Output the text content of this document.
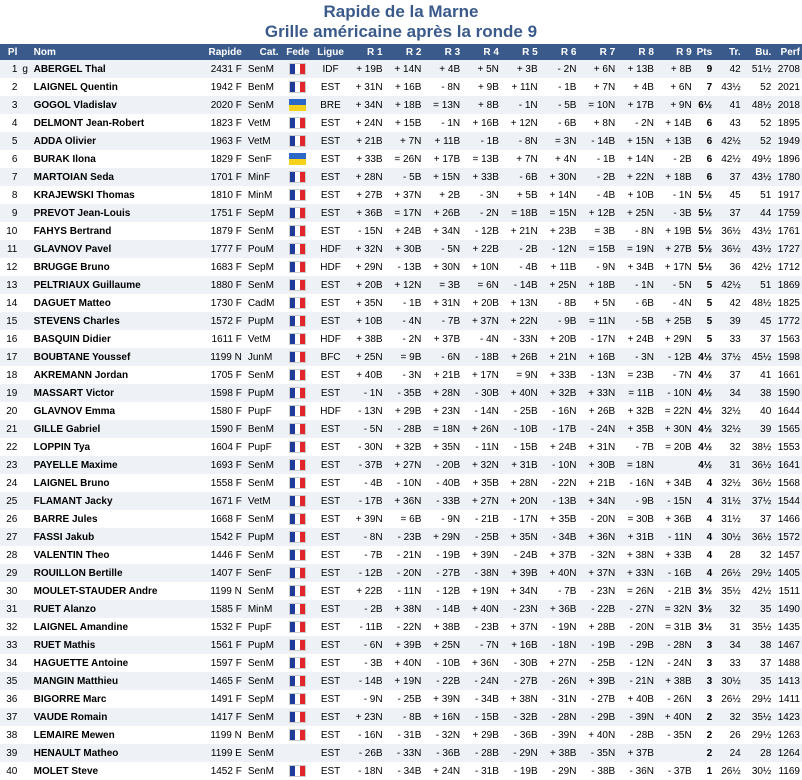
Rapide de la Marne
Grille américaine après la ronde 9
Pl		Nom	Rapide	Cat.	Fede	Ligue	R 1	R 2	R 3	R 4	R 5	R 6	R 7	R 8	R 9	Pts	Tr.	Bu.	Perf
1	g	ABERGEL Thal	2431 F	SenM		IDF	+ 19B	+ 14N	+ 4B	+ 5N	+ 3B	- 2N	+ 6N	+ 13B	+ 8B	9	42	51½	2708
2		LAIGNEL Quentin	1942 F	BenM		EST	+ 31N	+ 16B	- 8N	+ 9B	+ 11N	- 1B	+ 7N	+ 4B	+ 6N	7	43½	52	2021
3		GOGOL Vladislav	2020 F	SenM		BRE	+ 34N	+ 18B	= 13N	+ 8B	- 1N	- 5B	= 10N	+ 17B	+ 9N	6½	41	48½	2018
4		DELMONT Jean-Robert	1823 F	VetM		EST	+ 24N	+ 15B	- 1N	+ 16B	+ 12N	- 6B	+ 8N	- 2N	+ 14B	6	43	52	1895
5		ADDA Olivier	1963 F	VetM		EST	+ 21B	+ 7N	+ 11B	- 1B	- 8N	= 3N	- 14B	+ 15N	+ 13B	6	42½	52	1949
6		BURAK Ilona	1829 F	SenF		EST	+ 33B	= 26N	+ 17B	= 13B	+ 7N	+ 4N	- 1B	+ 14N	- 2B	6	42½	49½	1896
7		MARTOIAN Seda	1701 F	MinF		EST	+ 28N	- 5B	+ 15N	+ 33B	- 6B	+ 30N	- 2B	+ 22N	+ 18B	6	37	43½	1780
8		KRAJEWSKI Thomas	1810 F	MinM		EST	+ 27B	+ 37N	+ 2B	- 3N	+ 5B	+ 14N	- 4B	+ 10B	- 1N	5½	45	51	1917
9		PREVOT Jean-Louis	1751 F	SepM		EST	+ 36B	= 17N	+ 26B	- 2N	= 18B	= 15N	+ 12B	+ 25N	- 3B	5½	37	44	1759
10		FAHYS Bertrand	1879 F	SenM		EST	- 15N	+ 24B	+ 34N	- 12B	+ 21N	+ 23B	= 3B	- 8N	+ 19B	5½	36½	43½	1761
11		GLAVNOV Pavel	1777 F	PouM		HDF	+ 32N	+ 30B	- 5N	+ 22B	- 2B	- 12N	= 15B	= 19N	+ 27B	5½	36½	43½	1727
12		BRUGGE Bruno	1683 F	SepM		HDF	+ 29N	- 13B	+ 30N	+ 10N	- 4B	+ 11B	- 9N	+ 34B	+ 17N	5½	36	42½	1712
13		PELTRIAUX Guillaume	1880 F	SenM		EST	+ 20B	+ 12N	= 3B	= 6N	- 14B	+ 25N	+ 18B	- 1N	- 5N	5	42½	51	1869
14		DAGUET Matteo	1730 F	CadM		EST	+ 35N	- 1B	+ 31N	+ 20B	+ 13N	- 8B	+ 5N	- 6B	- 4N	5	42	48½	1825
15		STEVENS Charles	1572 F	PupM		EST	+ 10B	- 4N	- 7B	+ 37N	+ 22N	- 9B	= 11N	- 5B	+ 25B	5	39	45	1772
16		BASQUIN Didier	1611 F	VetM		HDF	+ 38B	- 2N	+ 37B	- 4N	- 33N	+ 20B	- 17N	+ 24B	+ 29N	5	33	37	1563
17		BOUBTANE Youssef	1199 N	JunM		BFC	+ 25N	= 9B	- 6N	- 18B	+ 26B	+ 21N	+ 16B	- 3N	- 12B	4½	37½	45½	1598
18		AKREMANN Jordan	1705 F	SenM		EST	+ 40B	- 3N	+ 21B	+ 17N	= 9N	+ 33B	- 13N	= 23B	- 7N	4½	37	41	1661
19		MASSART Victor	1598 F	PupM		EST	- 1N	- 35B	+ 28N	- 30B	+ 40N	+ 32B	+ 33N	= 11B	- 10N	4½	34	38	1590
20		GLAVNOV Emma	1580 F	PupF		HDF	- 13N	+ 29B	+ 23N	- 14N	- 25B	- 16N	+ 26B	+ 32B	= 22N	4½	32½	40	1644
21		GILLE Gabriel	1590 F	BenM		EST	- 5N	- 28B	= 18N	+ 26N	- 10B	- 17B	- 24N	+ 35B	+ 30N	4½	32½	39	1565
22		LOPPIN Tya	1604 F	PupF		EST	- 30N	+ 32B	+ 35N	- 11N	- 15B	+ 24B	+ 31N	- 7B	= 20B	4½	32	38½	1553
23		PAYELLE Maxime	1693 F	SenM		EST	- 37B	+ 27N	- 20B	+ 32N	+ 31B	- 10N	+ 30B	= 18N		4½	31	36½	1641
24		LAIGNEL Bruno	1558 F	SenM		EST	- 4B	- 10N	- 40B	+ 35B	+ 28N	- 22N	+ 21B	- 16N	+ 34B	4	32½	36½	1568
25		FLAMANT Jacky	1671 F	VetM		EST	- 17B	+ 36N	- 33B	+ 27N	+ 20N	- 13B	+ 34N	- 9B	- 15N	4	31½	37½	1544
26		BARRE Jules	1668 F	SenM		EST	+ 39N	= 6B	- 9N	- 21B	- 17N	+ 35B	- 20N	= 30B	+ 36B	4	31½	37	1466
27		FASSI Jakub	1542 F	PupM		EST	- 8N	- 23B	+ 29N	- 25B	+ 35N	- 34B	+ 36N	+ 31B	- 11N	4	30½	36½	1572
28		VALENTIN Theo	1446 F	SenM		EST	- 7B	- 21N	- 19B	+ 39N	- 24B	+ 37B	- 32N	+ 38N	+ 33B	4	28	32	1457
29		ROUILLON Bertille	1407 F	SenF		EST	- 12B	- 20N	- 27B	- 38N	+ 39B	+ 40N	+ 37N	+ 33N	- 16B	4	26½	29½	1405
30		MOULET-STAUDER Andre	1199 N	SenM		EST	+ 22B	- 11N	- 12B	+ 19N	+ 34N	- 7B	- 23N	= 26N	- 21B	3½	35½	42½	1511
31		RUET Alanzo	1585 F	MinM		EST	- 2B	+ 38N	- 14B	+ 40N	- 23N	+ 36B	- 22B	- 27N	= 32N	3½	32	35	1490
32		LAIGNEL Amandine	1532 F	PupF		EST	- 11B	- 22N	+ 38B	- 23B	+ 37N	- 19N	+ 28B	- 20N	= 31B	3½	31	35½	1435
33		RUET Mathis	1561 F	PupM		EST	- 6N	+ 39B	+ 25N	- 7N	+ 16B	- 18N	- 19B	- 29B	- 28N	3	34	38	1467
34		HAGUETTE Antoine	1597 F	SenM		EST	- 3B	+ 40N	- 10B	+ 36N	- 30B	+ 27N	- 25B	- 12N	- 24N	3	33	37	1488
35		MANGIN Matthieu	1465 F	SenM		EST	- 14B	+ 19N	- 22B	- 24N	- 27B	- 26N	+ 39B	- 21N	+ 38B	3	30½	35	1413
36		BIGORRE Marc	1491 F	SepM		EST	- 9N	- 25B	+ 39N	- 34B	+ 38N	- 31N	- 27B	+ 40B	- 26N	3	26½	29½	1411
37		VAUDE Romain	1417 F	SenM		EST	+ 23N	- 8B	+ 16N	- 15B	- 32B	- 28N	- 29B	- 39N	+ 40N	2	32	35½	1423
38		LEMAIRE Mewen	1199 N	BenM		EST	- 16N	- 31B	- 32N	+ 29B	- 36B	- 39N	+ 40N	- 28B	- 35N	2	26	29½	1263
39		HENAULT Matheo	1199 E	SenM		EST	- 26B	- 33N	- 36B	- 28B	- 29N	+ 38B	- 35N	+ 37B		2	24	28	1264
40		MOLET Steve	1452 F	SenM		EST	- 18N	- 34B	+ 24N	- 31B	- 19B	- 29N	- 38B	- 36N	- 37B	1	26½	30½	1169
